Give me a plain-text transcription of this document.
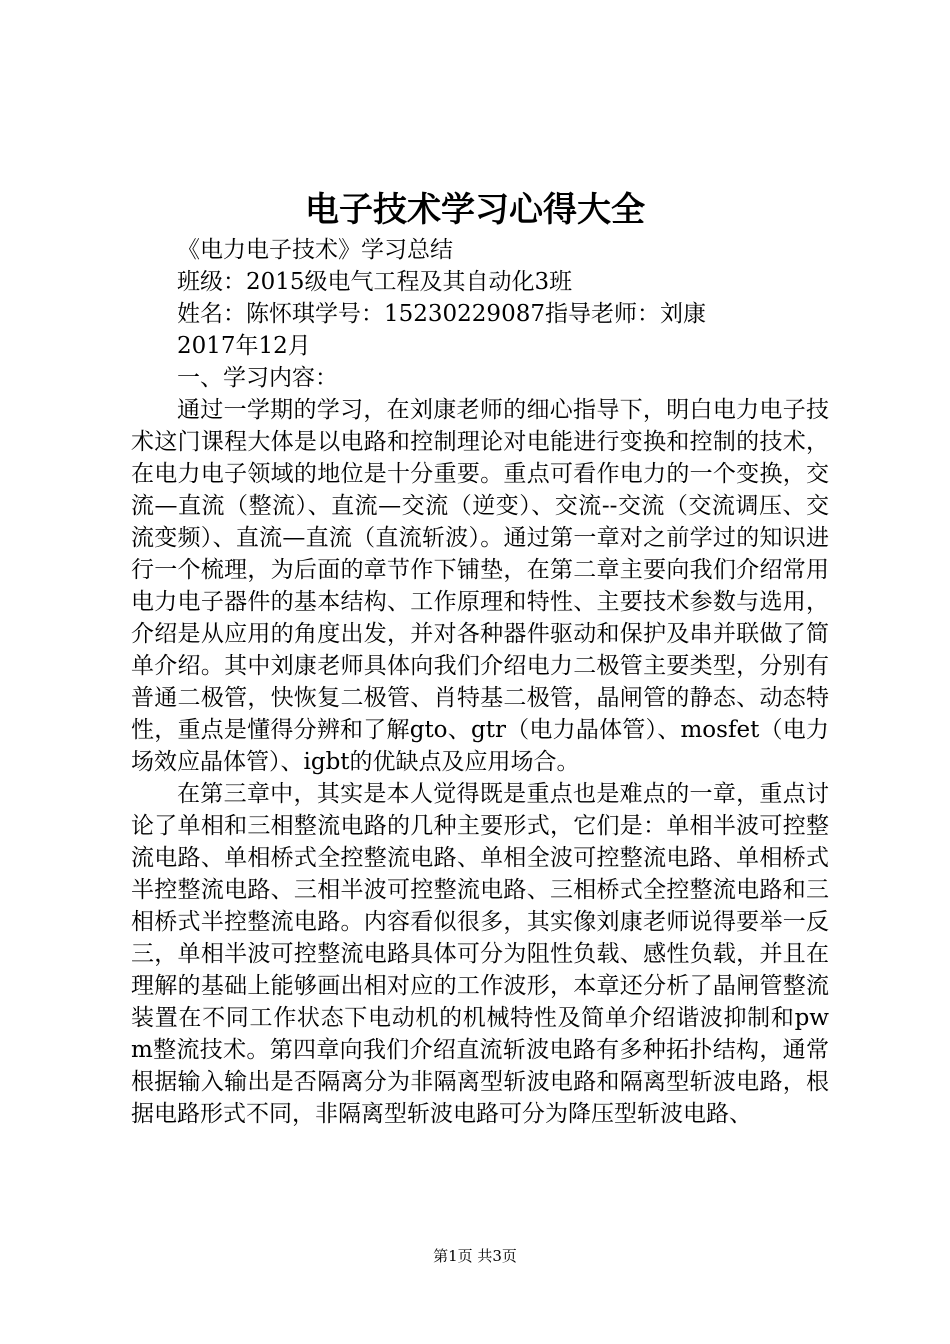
电子技术学习心得大全

《电力电子技术》学习总结

班级：2015级电气工程及其自动化3班

姓名：陈怀琪学号：15230229087指导老师：刘康

2017年12月

一、学习内容：

通过一学期的学习，在刘康老师的细心指导下，明白电力电子技术这门课程大体是以电路和控制理论对电能进行变换和控制的技术，在电力电子领域的地位是十分重要。重点可看作电力的一个变换，交流—直流（整流）、直流—交流（逆变）、交流--交流（交流调压、交流变频）、直流—直流（直流斩波）。通过第一章对之前学过的知识进行一个梳理，为后面的章节作下铺垫，在第二章主要向我们介绍常用电力电子器件的基本结构、工作原理和特性、主要技术参数与选用，介绍是从应用的角度出发，并对各种器件驱动和保护及串并联做了简单介绍。其中刘康老师具体向我们介绍电力二极管主要类型，分别有普通二极管，快恢复二极管、肖特基二极管，晶闸管的静态、动态特性，重点是懂得分辨和了解gto、gtr（电力晶体管）、mosfet（电力场效应晶体管）、igbt的优缺点及应用场合。

在第三章中，其实是本人觉得既是重点也是难点的一章，重点讨论了单相和三相整流电路的几种主要形式，它们是：单相半波可控整流电路、单相桥式全控整流电路、单相全波可控整流电路、单相桥式半控整流电路、三相半波可控整流电路、三相桥式全控整流电路和三相桥式半控整流电路。内容看似很多，其实像刘康老师说得要举一反三，单相半波可控整流电路具体可分为阻性负载、感性负载，并且在理解的基础上能够画出相对应的工作波形，本章还分析了晶闸管整流装置在不同工作状态下电动机的机械特性及简单介绍谐波抑制和pwm整流技术。第四章向我们介绍直流斩波电路有多种拓扑结构，通常根据输入输出是否隔离分为非隔离型斩波电路和隔离型斩波电路，根据电路形式不同，非隔离型斩波电路可分为降压型斩波电路、

第1页 共3页
